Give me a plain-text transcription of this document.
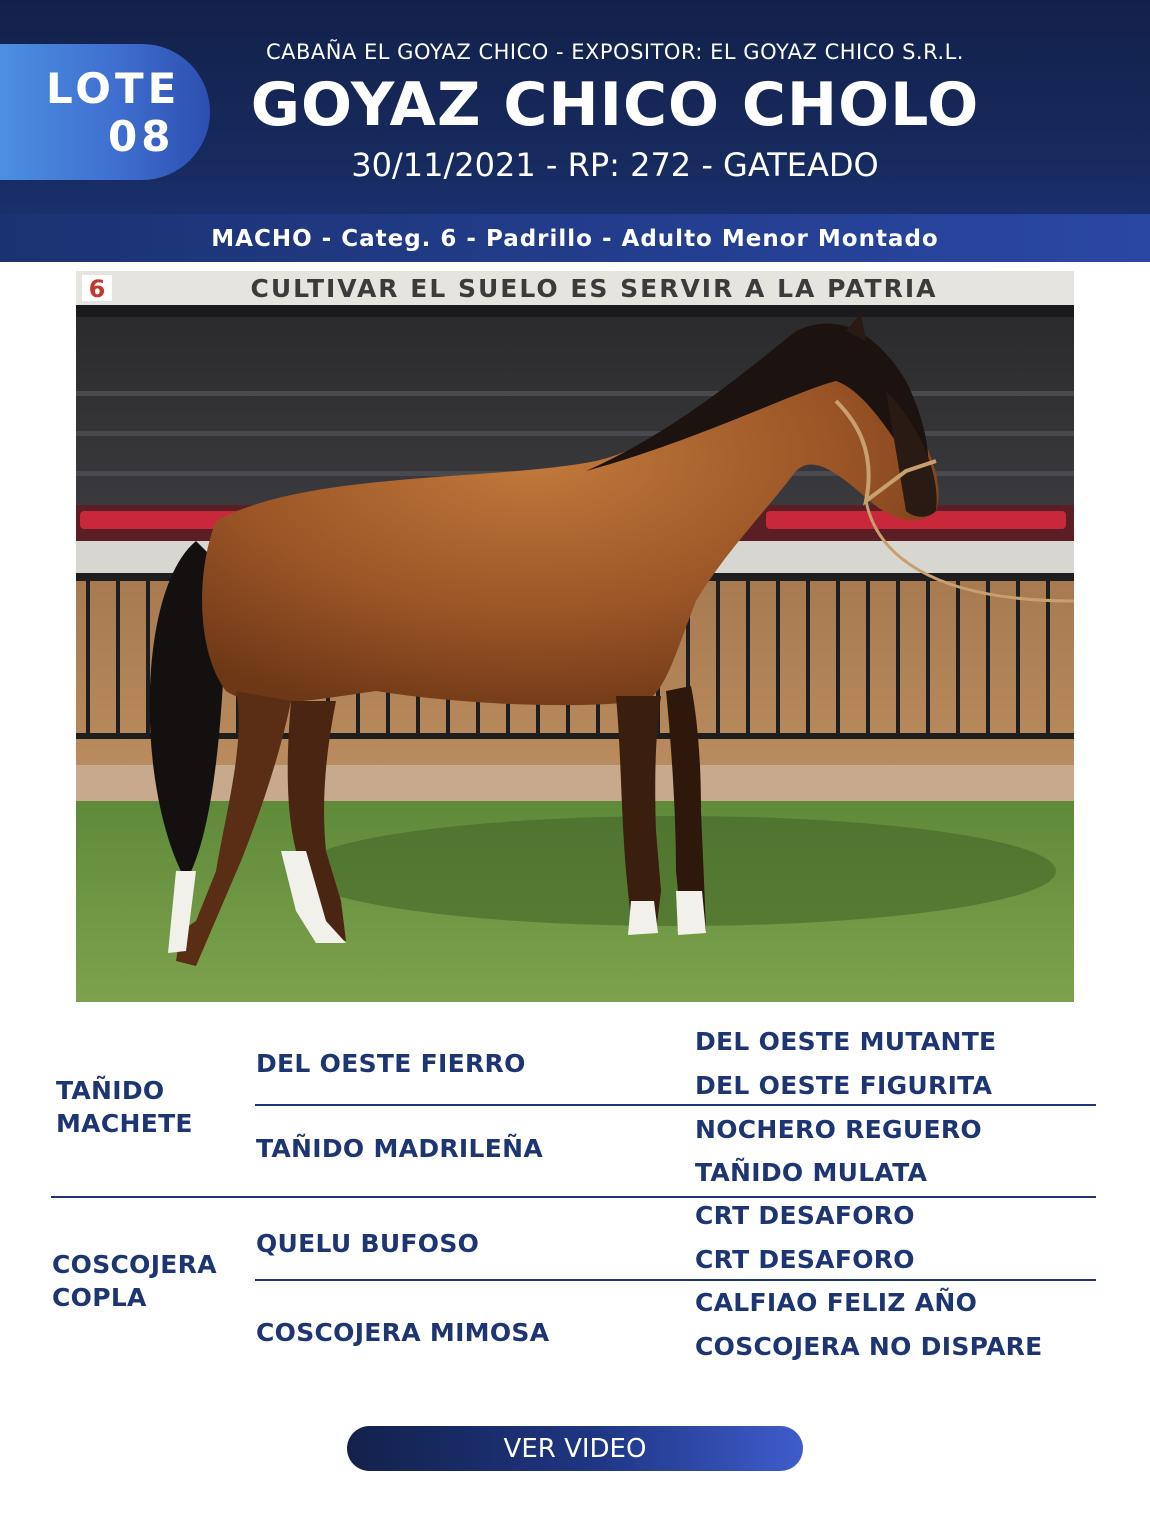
LOTE
08
CABAÑA EL GOYAZ CHICO - EXPOSITOR: EL GOYAZ CHICO S.R.L.
GOYAZ CHICO CHOLO
30/11/2021 - RP: 272 - GATEADO
MACHO - Categ. 6 - Padrillo - Adulto Menor Montado
6	CULTIVAR EL SUELO ES SERVIR A LA PATRIA
TAÑIDO
MACHETE
COSCOJERA
COPLA
DEL OESTE FIERRO
TAÑIDO MADRILEÑA
QUELU BUFOSO
COSCOJERA MIMOSA
DEL OESTE MUTANTE
DEL OESTE FIGURITA
NOCHERO REGUERO
TAÑIDO MULATA
CRT DESAFORO
CRT DESAFORO
CALFIAO FELIZ AÑO
COSCOJERA NO DISPARE
VER VIDEO
